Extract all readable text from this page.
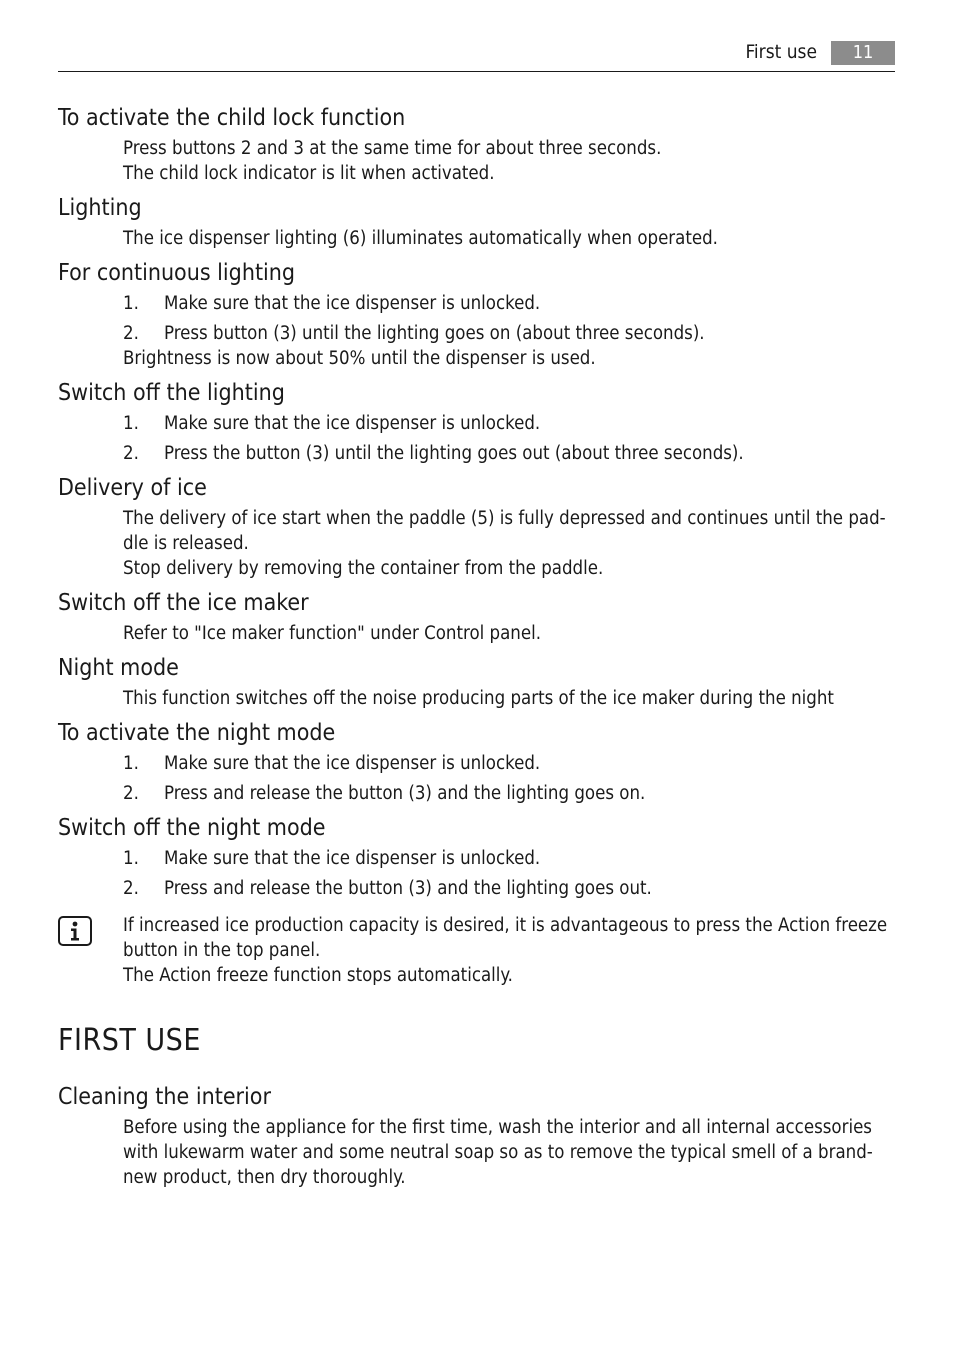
First use	11
To activate the child lock function

Press buttons 2 and 3 at the same time for about three seconds.

The child lock indicator is lit when activated.

Lighting

The ice dispenser lighting (6) illuminates automatically when operated.

For continuous lighting
1.	Make sure that the ice dispenser is unlocked.
2.	Press button (3) until the lighting goes on (about three seconds).

Brightness is now about 50% until the dispenser is used.

Switch off the lighting
1.	Make sure that the ice dispenser is unlocked.
2.	Press the button (3) until the lighting goes out (about three seconds).
Delivery of ice

The delivery of ice start when the paddle (5) is fully depressed and continues until the pad-

dle is released.

Stop delivery by removing the container from the paddle.

Switch off the ice maker

Refer to "Ice maker function" under Control panel.

Night mode

This function switches off the noise producing parts of the ice maker during the night

To activate the night mode
1.	Make sure that the ice dispenser is unlocked.
2.	Press and release the button (3) and the lighting goes on.
Switch off the night mode
1.	Make sure that the ice dispenser is unlocked.
2.	Press and release the button (3) and the lighting goes out.

If increased ice production capacity is desired, it is advantageous to press the Action freeze

button in the top panel.

The Action freeze function stops automatically.

FIRST USE
Cleaning the interior

Before using the appliance for the first time, wash the interior and all internal accessories

with lukewarm water and some neutral soap so as to remove the typical smell of a brand-

new product, then dry thoroughly.
